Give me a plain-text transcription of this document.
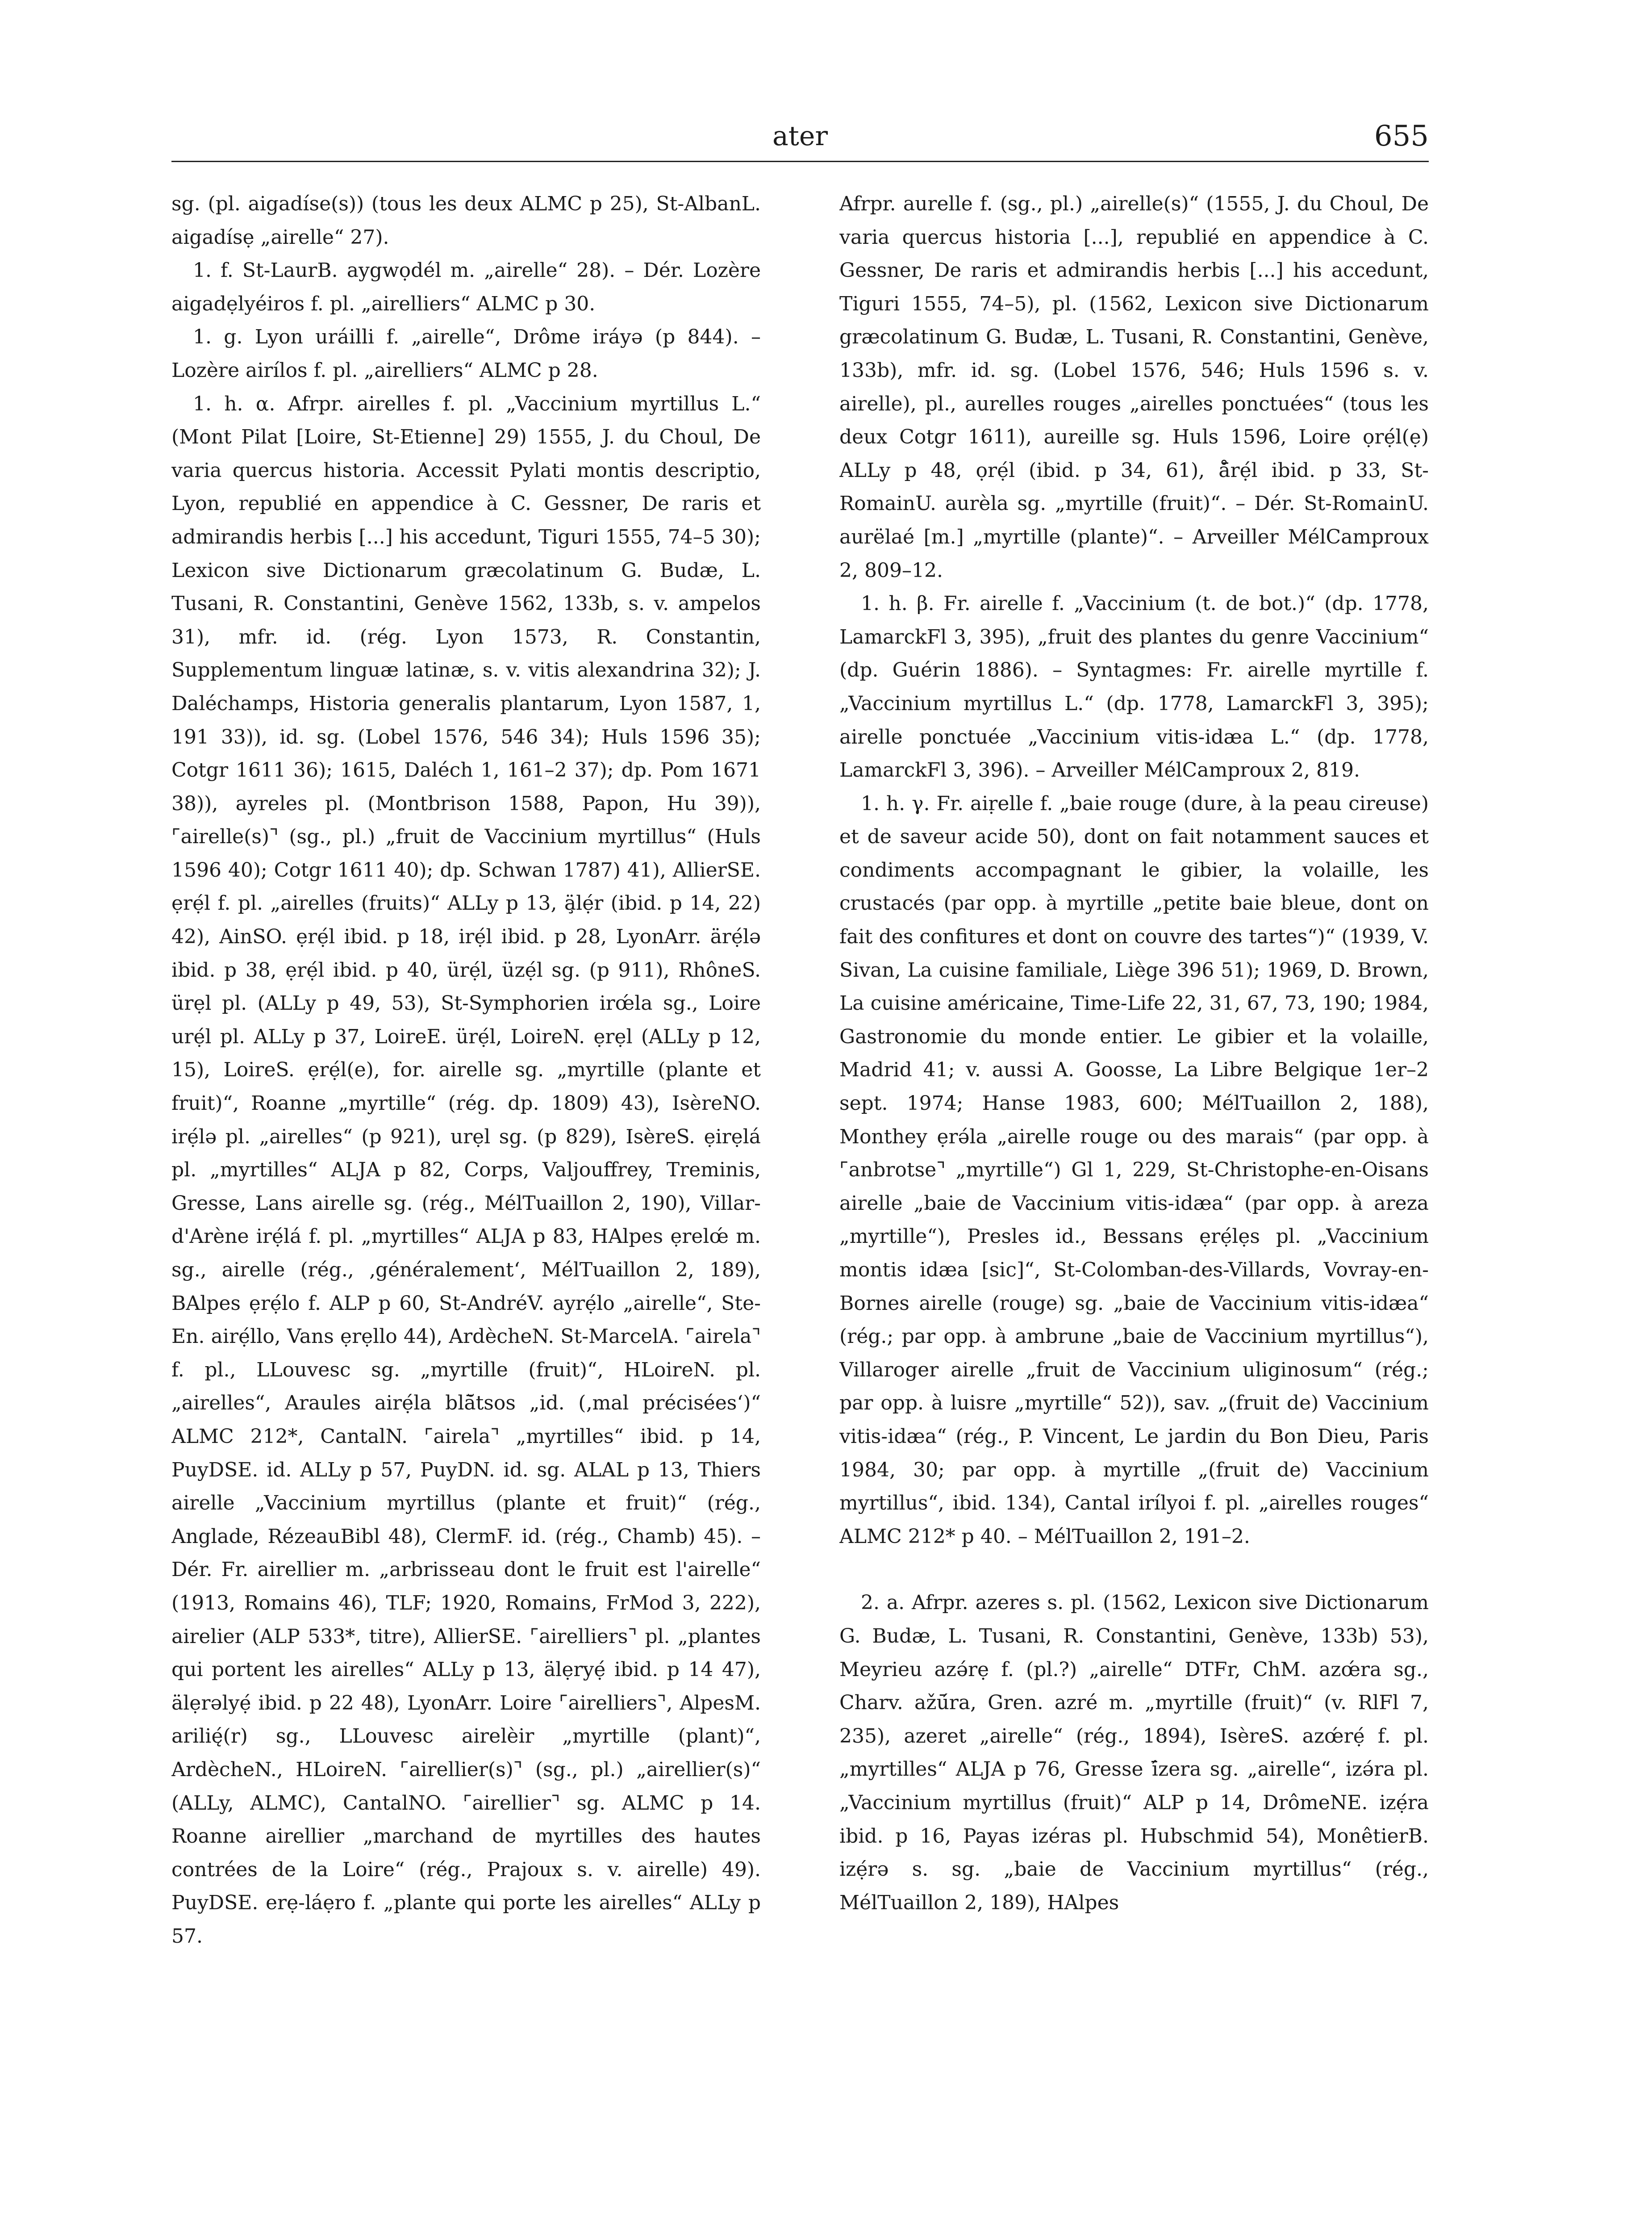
ater	655

sg. (pl. aigadíse(s)) (tous les deux ALMC p 25), St-AlbanL. aigadísẹ „airelle“ 27).

1. f. St-LaurB. aygwọdél m. „airelle“ 28). – Dér. Lozère aigadẹlyéiros f. pl. „airelliers“ ALMC p 30.

1. g. Lyon uráilli f. „airelle“, Drôme iráyə (p 844). – Lozère airílos f. pl. „airelliers“ ALMC p 28.

1. h. α. Afrpr. airelles f. pl. „Vaccinium myrtillus L.“ (Mont Pilat [Loire, St-Etienne] 29) 1555, J. du Choul, De varia quercus historia. Accessit Pylati montis descriptio, Lyon, republié en appendice à C. Gessner, De raris et admirandis herbis [...] his accedunt, Tiguri 1555, 74–5 30); Lexicon sive Dictionarum græcolatinum G. Budæ, L. Tusani, R. Constantini, Genève 1562, 133b, s. v. ampelos 31), mfr. id. (rég. Lyon 1573, R. Constantin, Supplementum linguæ latinæ, s. v. vitis alexandrina 32); J. Daléchamps, Historia generalis plantarum, Lyon 1587, 1, 191 33)), id. sg. (Lobel 1576, 546 34); Huls 1596 35); Cotgr 1611 36); 1615, Daléch 1, 161–2 37); dp. Pom 1671 38)), ayreles pl. (Montbrison 1588, Papon, Hu 39)), ⌜airelle(s)⌝ (sg., pl.) „fruit de Vaccinium myrtillus“ (Huls 1596 40); Cotgr 1611 40); dp. Schwan 1787) 41), AllierSE. ẹrẹ́l f. pl. „airelles (fruits)“ ALLy p 13, ä̧lẹ́r (ibid. p 14, 22) 42), AinSO. ẹrẹ́l ibid. p 18, irẹ́l ibid. p 28, LyonArr. ärẹ́lə ibid. p 38, ẹrẹ́l ibid. p 40, ürẹ́l, üzẹ́l sg. (p 911), RhôneS. ürẹl pl. (ALLy p 49, 53), St-Symphorien irœ́la sg., Loire urẹ́l pl. ALLy p 37, LoireE. ürẹ́l, LoireN. ẹrẹl (ALLy p 12, 15), LoireS. ẹrẹ́l(e), for. airelle sg. „myrtille (plante et fruit)“, Roanne „myrtille“ (rég. dp. 1809) 43), IsèreNO. irẹ́lə pl. „airelles“ (p 921), urẹl sg. (p 829), IsèreS. ẹirẹlá pl. „myrtilles“ ALJA p 82, Corps, Valjouffrey, Treminis, Gresse, Lans airelle sg. (rég., MélTuaillon 2, 190), Villar-d'Arène irẹ́lá f. pl. „myrtilles“ ALJA p 83, HAlpes ẹrelœ́ m. sg., airelle (rég., ‚généralement‘, MélTuaillon 2, 189), BAlpes ẹrẹ́lo f. ALP p 60, St-AndréV. ayrẹ́lo „airelle“, Ste-En. airẹ́llo, Vans ẹrẹllo 44), ArdècheN. St-MarcelA. ⌜airela⌝ f. pl., LLouvesc sg. „myrtille (fruit)“, HLoireN. pl. „airelles“, Araules airẹ́la blā̆tsos „id. (‚mal précisées‘)“ ALMC 212*, CantalN. ⌜airela⌝ „myrtilles“ ibid. p 14, PuyDSE. id. ALLy p 57, PuyDN. id. sg. ALAL p 13, Thiers airelle „Vaccinium myrtillus (plante et fruit)“ (rég., Anglade, RézeauBibl 48), ClermF. id. (rég., Chamb) 45). – Dér. Fr. airellier m. „arbrisseau dont le fruit est l'airelle“ (1913, Romains 46), TLF; 1920, Romains, FrMod 3, 222), airelier (ALP 533*, titre), AllierSE. ⌜airelliers⌝ pl. „plantes qui portent les airelles“ ALLy p 13, älẹryẹ́ ibid. p 14 47), älẹrəlyẹ́ ibid. p 22 48), LyonArr. Loire ⌜airelliers⌝, AlpesM. arilię́(r) sg., LLouvesc airelèir „myrtille (plant)“, ArdècheN., HLoireN. ⌜airellier(s)⌝ (sg., pl.) „airellier(s)“ (ALLy, ALMC), CantalNO. ⌜airellier⌝ sg. ALMC p 14. Roanne airellier „marchand de myrtilles des hautes contrées de la Loire“ (rég., Prajoux s. v. airelle) 49). PuyDSE. erẹ-láẹro f. „plante qui porte les airelles“ ALLy p 57.

Afrpr. aurelle f. (sg., pl.) „airelle(s)“ (1555, J. du Choul, De varia quercus historia [...], republié en appendice à C. Gessner, De raris et admirandis herbis [...] his accedunt, Tiguri 1555, 74–5), pl. (1562, Lexicon sive Dictionarum græcolatinum G. Budæ, L. Tusani, R. Constantini, Genève, 133b), mfr. id. sg. (Lobel 1576, 546; Huls 1596 s. v. airelle), pl., aurelles rouges „airelles ponctuées“ (tous les deux Cotgr 1611), aureille sg. Huls 1596, Loire ọrẹ́l(ẹ) ALLy p 48, ọrẹ́l (ibid. p 34, 61), å̄rẹ́l ibid. p 33, St-RomainU. aurèla sg. „myrtille (fruit)“. – Dér. St-RomainU. aurëlaé [m.] „myrtille (plante)“. – Arveiller MélCamproux 2, 809–12.

1. h. β. Fr. airelle f. „Vaccinium (t. de bot.)“ (dp. 1778, LamarckFl 3, 395), „fruit des plantes du genre Vaccinium“ (dp. Guérin 1886). – Syntagmes: Fr. airelle myrtille f. „Vaccinium myrtillus L.“ (dp. 1778, LamarckFl 3, 395); airelle ponctuée „Vaccinium vitis-idæa L.“ (dp. 1778, LamarckFl 3, 396). – Arveiller MélCamproux 2, 819.

1. h. γ. Fr. aiṛelle f. „baie rouge (dure, à la peau cireuse) et de saveur acide 50), dont on fait notamment sauces et condiments accompagnant le gibier, la volaille, les crustacés (par opp. à myrtille „petite baie bleue, dont on fait des confitures et dont on couvre des tartes“)“ (1939, V. Sivan, La cuisine familiale, Liège 396 51); 1969, D. Brown, La cuisine américaine, Time-Life 22, 31, 67, 73, 190; 1984, Gastronomie du monde entier. Le gibier et la volaille, Madrid 41; v. aussi A. Goosse, La Libre Belgique 1er–2 sept. 1974; Hanse 1983, 600; MélTuaillon 2, 188), Monthey ẹrə́la „airelle rouge ou des marais“ (par opp. à ⌜anbrotse⌝ „myrtille“) Gl 1, 229, St-Christophe-en-Oisans airelle „baie de Vaccinium vitis-idæa“ (par opp. à areza „myrtille“), Presles id., Bessans ẹrẹ́lẹs pl. „Vaccinium montis idæa [sic]“, St-Colomban-des-Villards, Vovray-en-Bornes airelle (rouge) sg. „baie de Vaccinium vitis-idæa“ (rég.; par opp. à ambrune „baie de Vaccinium myrtillus“), Villaroger airelle „fruit de Vaccinium uliginosum“ (rég.; par opp. à luisre „myrtille“ 52)), sav. „(fruit de) Vaccinium vitis-idæa“ (rég., P. Vincent, Le jardin du Bon Dieu, Paris 1984, 30; par opp. à myrtille „(fruit de) Vaccinium myrtillus“, ibid. 134), Cantal irílyoi f. pl. „airelles rouges“ ALMC 212* p 40. – MélTuaillon 2, 191–2.

2. a. Afrpr. azeres s. pl. (1562, Lexicon sive Dictionarum G. Budæ, L. Tusani, R. Constantini, Genève, 133b) 53), Meyrieu azə́rẹ f. (pl.?) „airelle“ DTFr, ChM. azœ́ra sg., Charv. ažū́ra, Gren. azré m. „myrtille (fruit)“ (v. RlFl 7, 235), azeret „airelle“ (rég., 1894), IsèreS. azœ́rẹ́ f. pl. „myrtilles“ ALJA p 76, Gresse ī́zera sg. „airelle“, izə́ra pl. „Vaccinium myrtillus (fruit)“ ALP p 14, DrômeNE. izẹ́ra ibid. p 16, Payas izéras pl. Hubschmid 54), MonêtierB. izẹ́rə s. sg. „baie de Vaccinium myrtillus“ (rég., MélTuaillon 2, 189), HAlpes
